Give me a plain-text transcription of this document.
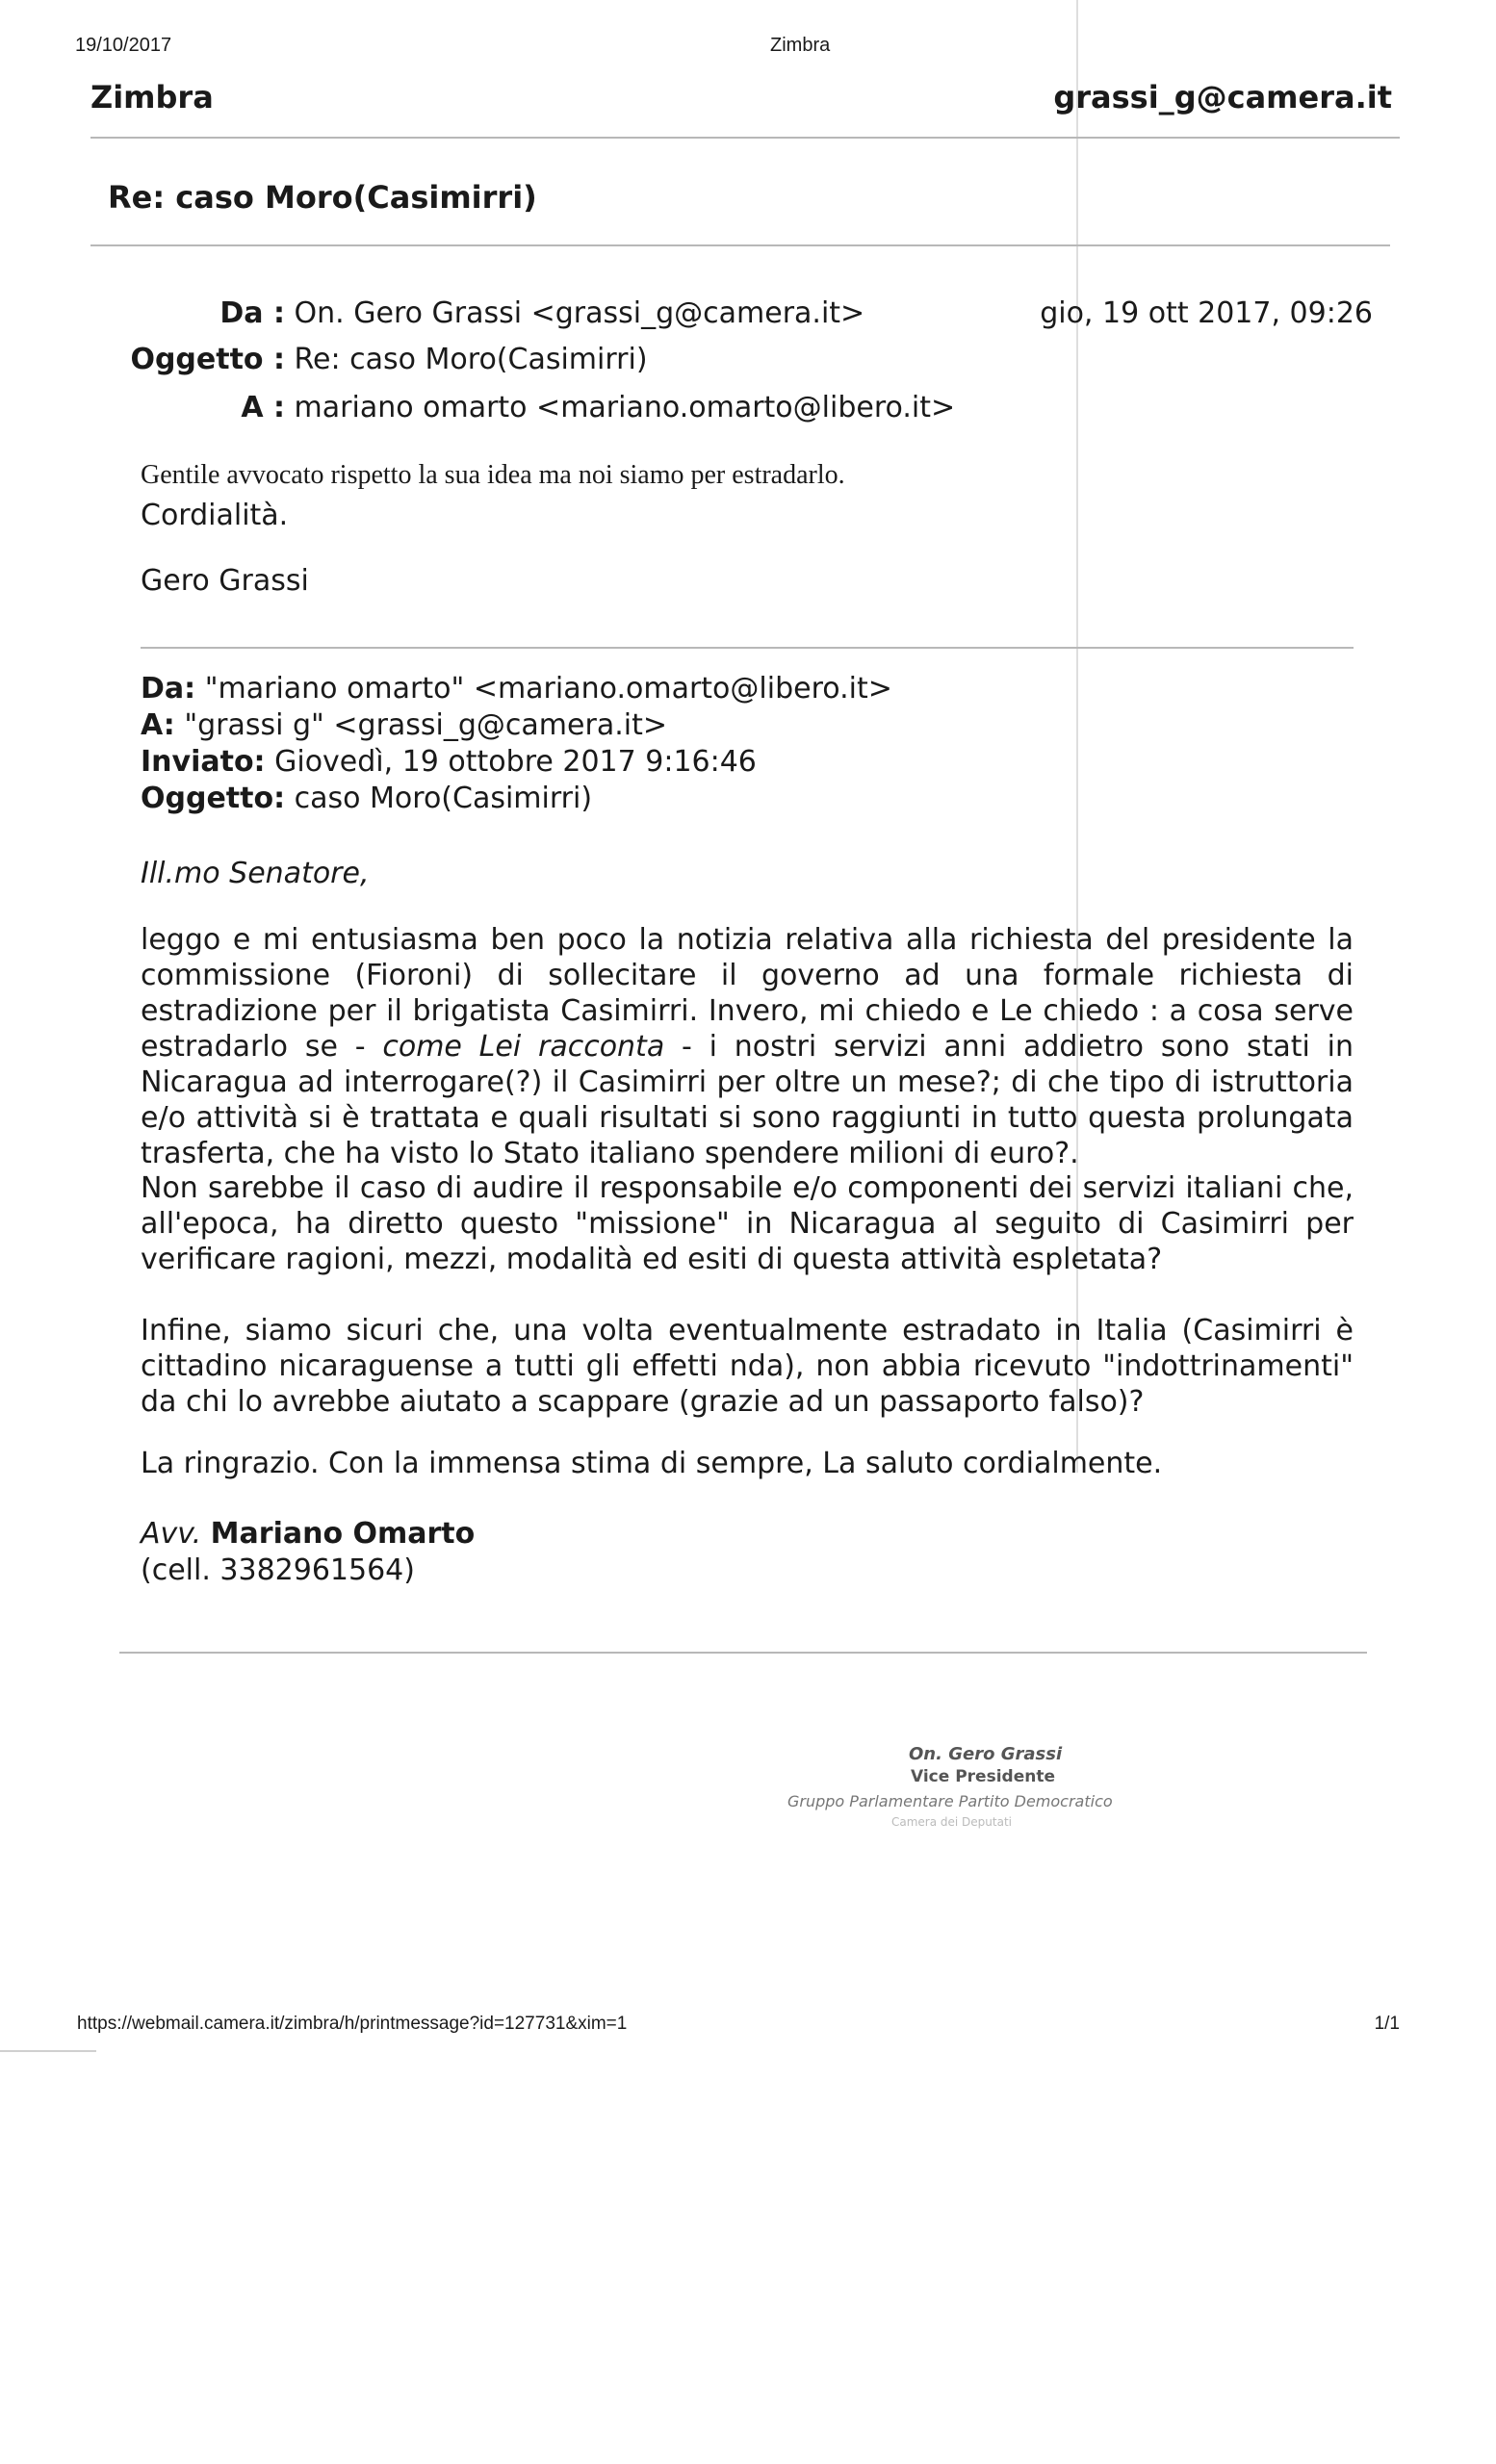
19/10/2017	Zimbra
Zimbra	grassi_g@camera.it
Re: caso Moro(Casimirri)
Da : On. Gero Grassi <grassi_g@camera.it>	gio, 19 ott 2017, 09:26
Oggetto : Re: caso Moro(Casimirri)
A : mariano omarto <mariano.omarto@libero.it>
Gentile avvocato rispetto la sua idea ma noi siamo per estradarlo.
Cordialità.
Gero Grassi
Da: "mariano omarto" <mariano.omarto@libero.it>
A: "grassi g" <grassi_g@camera.it>
Inviato: Giovedì, 19 ottobre 2017 9:16:46
Oggetto: caso Moro(Casimirri)
Ill.mo Senatore,

leggo e mi entusiasma ben poco la notizia relativa alla richiesta del presidente la commissione (Fioroni) di sollecitare il governo ad una formale richiesta di estradizione per il brigatista Casimirri. Invero, mi chiedo e Le chiedo : a cosa serve estradarlo se - come Lei racconta - i nostri servizi anni addietro sono stati in Nicaragua ad interrogare(?) il Casimirri per oltre un mese?; di che tipo di istruttoria e/o attività si è trattata e quali risultati si sono raggiunti in tutto questa prolungata trasferta, che ha visto lo Stato italiano spendere milioni di euro?.

Non sarebbe il caso di audire il responsabile e/o componenti dei servizi italiani che, all'epoca, ha diretto questo "missione" in Nicaragua al seguito di Casimirri per verificare ragioni, mezzi, modalità ed esiti di questa attività espletata?

Infine, siamo sicuri che, una volta eventualmente estradato in Italia (Casimirri è cittadino nicaraguense a tutti gli effetti nda), non abbia ricevuto "indottrinamenti" da chi lo avrebbe aiutato a scappare (grazie ad un passaporto falso)?

La ringrazio. Con la immensa stima di sempre, La saluto cordialmente.

Avv. Mariano Omarto
(cell. 3382961564)
On. Gero Grassi
Vice Presidente
Gruppo Parlamentare Partito Democratico
Camera dei Deputati
https://webmail.camera.it/zimbra/h/printmessage?id=127731&xim=1	1/1
